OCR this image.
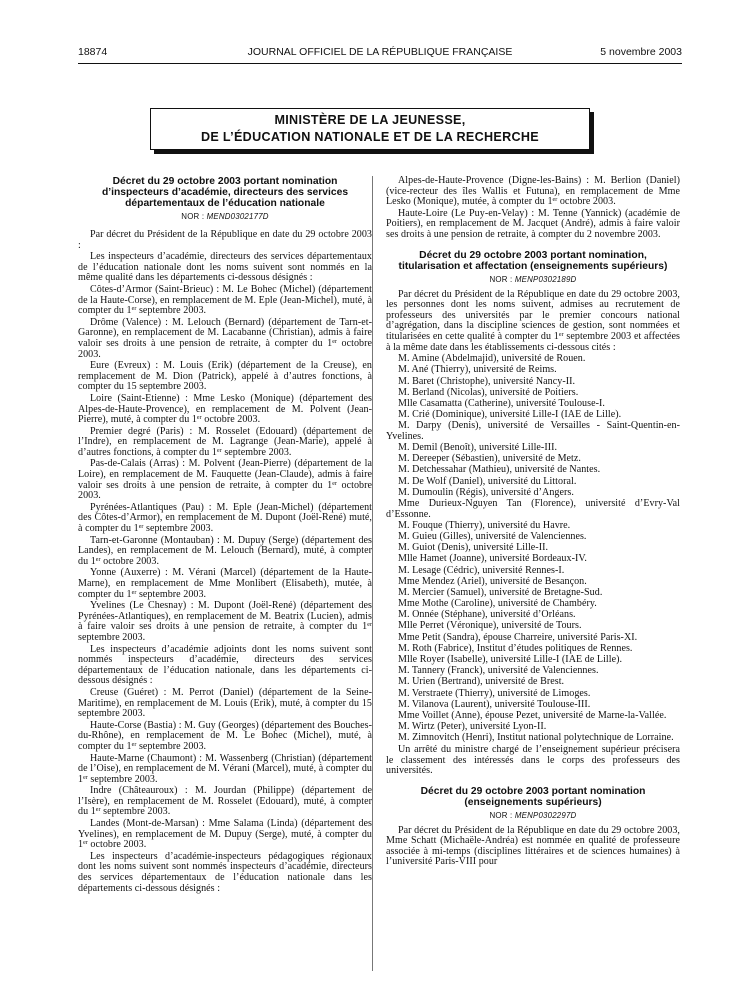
18874	JOURNAL OFFICIEL DE LA RÉPUBLIQUE FRANÇAISE	5 novembre 2003
MINISTÈRE DE LA JEUNESSE,
DE L’ÉDUCATION NATIONALE ET DE LA RECHERCHE
Décret du 29 octobre 2003 portant nomination d’inspecteurs d’académie, directeurs des services départementaux de l’éducation nationale
NOR : MEND0302177D

Par décret du Président de la République en date du 29 octobre 2003 :

Les inspecteurs d’académie, directeurs des services départementaux de l’éducation nationale dont les noms suivent sont nommés en la même qualité dans les départements ci-dessous désignés :

Côtes-d’Armor (Saint-Brieuc) : M. Le Bohec (Michel) (département de la Haute-Corse), en remplacement de M. Eple (Jean-Michel), muté, à compter du 1er septembre 2003.

Drôme (Valence) : M. Lelouch (Bernard) (département de Tarn-et-Garonne), en remplacement de M. Lacabanne (Christian), admis à faire valoir ses droits à une pension de retraite, à compter du 1er octobre 2003.

Eure (Evreux) : M. Louis (Erik) (département de la Creuse), en remplacement de M. Dion (Patrick), appelé à d’autres fonctions, à compter du 15 septembre 2003.

Loire (Saint-Etienne) : Mme Lesko (Monique) (département des Alpes-de-Haute-Provence), en remplacement de M. Polvent (Jean-Pierre), muté, à compter du 1er octobre 2003.

Premier degré (Paris) : M. Rosselet (Edouard) (département de l’Indre), en remplacement de M. Lagrange (Jean-Marie), appelé à d’autres fonctions, à compter du 1er septembre 2003.

Pas-de-Calais (Arras) : M. Polvent (Jean-Pierre) (département de la Loire), en remplacement de M. Fauquette (Jean-Claude), admis à faire valoir ses droits à une pension de retraite, à compter du 1er octobre 2003.

Pyrénées-Atlantiques (Pau) : M. Eple (Jean-Michel) (département des Côtes-d’Armor), en remplacement de M. Dupont (Joël-René) muté, à compter du 1er septembre 2003.

Tarn-et-Garonne (Montauban) : M. Dupuy (Serge) (département des Landes), en remplacement de M. Lelouch (Bernard), muté, à compter du 1er octobre 2003.

Yonne (Auxerre) : M. Vérani (Marcel) (département de la Haute-Marne), en remplacement de Mme Monlibert (Elisabeth), mutée, à compter du 1er septembre 2003.

Yvelines (Le Chesnay) : M. Dupont (Joël-René) (département des Pyrénées-Atlantiques), en remplacement de M. Beatrix (Lucien), admis à faire valoir ses droits à une pension de retraite, à compter du 1er septembre 2003.

Les inspecteurs d’académie adjoints dont les noms suivent sont nommés inspecteurs d’académie, directeurs des services départementaux de l’éducation nationale, dans les départements ci-dessous désignés :

Creuse (Guéret) : M. Perrot (Daniel) (département de la Seine-Maritime), en remplacement de M. Louis (Erik), muté, à compter du 15 septembre 2003.

Haute-Corse (Bastia) : M. Guy (Georges) (département des Bouches-du-Rhône), en remplacement de M. Le Bohec (Michel), muté, à compter du 1er septembre 2003.

Haute-Marne (Chaumont) : M. Wassenberg (Christian) (département de l’Oise), en remplacement de M. Vérani (Marcel), muté, à compter du 1er septembre 2003.

Indre (Châteauroux) : M. Jourdan (Philippe) (département de l’Isère), en remplacement de M. Rosselet (Edouard), muté, à compter du 1er septembre 2003.

Landes (Mont-de-Marsan) : Mme Salama (Linda) (département des Yvelines), en remplacement de M. Dupuy (Serge), muté, à compter du 1er octobre 2003.

Les inspecteurs d’académie-inspecteurs pédagogiques régionaux dont les noms suivent sont nommés inspecteurs d’académie, directeurs des services départementaux de l’éducation nationale dans les départements ci-dessous désignés :

Alpes-de-Haute-Provence (Digne-les-Bains) : M. Berlion (Daniel) (vice-recteur des îles Wallis et Futuna), en remplacement de Mme Lesko (Monique), mutée, à compter du 1er octobre 2003.

Haute-Loire (Le Puy-en-Velay) : M. Tenne (Yannick) (académie de Poitiers), en remplacement de M. Jacquet (André), admis à faire valoir ses droits à une pension de retraite, à compter du 2 novembre 2003.

Décret du 29 octobre 2003 portant nomination, titularisation et affectation (enseignements supérieurs)
NOR : MENP0302189D

Par décret du Président de la République en date du 29 octobre 2003, les personnes dont les noms suivent, admises au recrutement de professeurs des universités par le premier concours national d’agrégation, dans la discipline sciences de gestion, sont nommées et titularisées en cette qualité à compter du 1er septembre 2003 et affectées à la même date dans les établissements ci-dessous cités :

M. Amine (Abdelmajid), université de Rouen.

M. Ané (Thierry), université de Reims.

M. Baret (Christophe), université Nancy-II.

M. Berland (Nicolas), université de Poitiers.

Mlle Casamatta (Catherine), université Toulouse-I.

M. Crié (Dominique), université Lille-I (IAE de Lille).

M. Darpy (Denis), université de Versailles - Saint-Quentin-en-Yvelines.

M. Demil (Benoît), université Lille-III.

M. Dereeper (Sébastien), université de Metz.

M. Detchessahar (Mathieu), université de Nantes.

M. De Wolf (Daniel), université du Littoral.

M. Dumoulin (Régis), université d’Angers.

Mme Durieux-Nguyen Tan (Florence), université d’Evry-Val d’Essonne.

M. Fouque (Thierry), université du Havre.

M. Guieu (Gilles), université de Valenciennes.

M. Guiot (Denis), université Lille-II.

Mlle Hamet (Joanne), université Bordeaux-IV.

M. Lesage (Cédric), université Rennes-I.

Mme Mendez (Ariel), université de Besançon.

M. Mercier (Samuel), université de Bretagne-Sud.

Mme Mothe (Caroline), université de Chambéry.

M. Onnée (Stéphane), université d’Orléans.

Mlle Perret (Véronique), université de Tours.

Mme Petit (Sandra), épouse Charreire, université Paris-XI.

M. Roth (Fabrice), Institut d’études politiques de Rennes.

Mlle Royer (Isabelle), université Lille-I (IAE de Lille).

M. Tannery (Franck), université de Valenciennes.

M. Urien (Bertrand), université de Brest.

M. Verstraete (Thierry), université de Limoges.

M. Vilanova (Laurent), université Toulouse-III.

Mme Voillet (Anne), épouse Pezet, université de Marne-la-Vallée.

M. Wirtz (Peter), université Lyon-II.

M. Zimnovitch (Henri), Institut national polytechnique de Lorraine.

Un arrêté du ministre chargé de l’enseignement supérieur précisera le classement des intéressés dans le corps des professeurs des universités.

Décret du 29 octobre 2003 portant nomination (enseignements supérieurs)
NOR : MENP0302297D

Par décret du Président de la République en date du 29 octobre 2003, Mme Schatt (Michaële-Andréa) est nommée en qualité de professeure associée à mi-temps (disciplines littéraires et de sciences humaines) à l’université Paris-VIII pour
